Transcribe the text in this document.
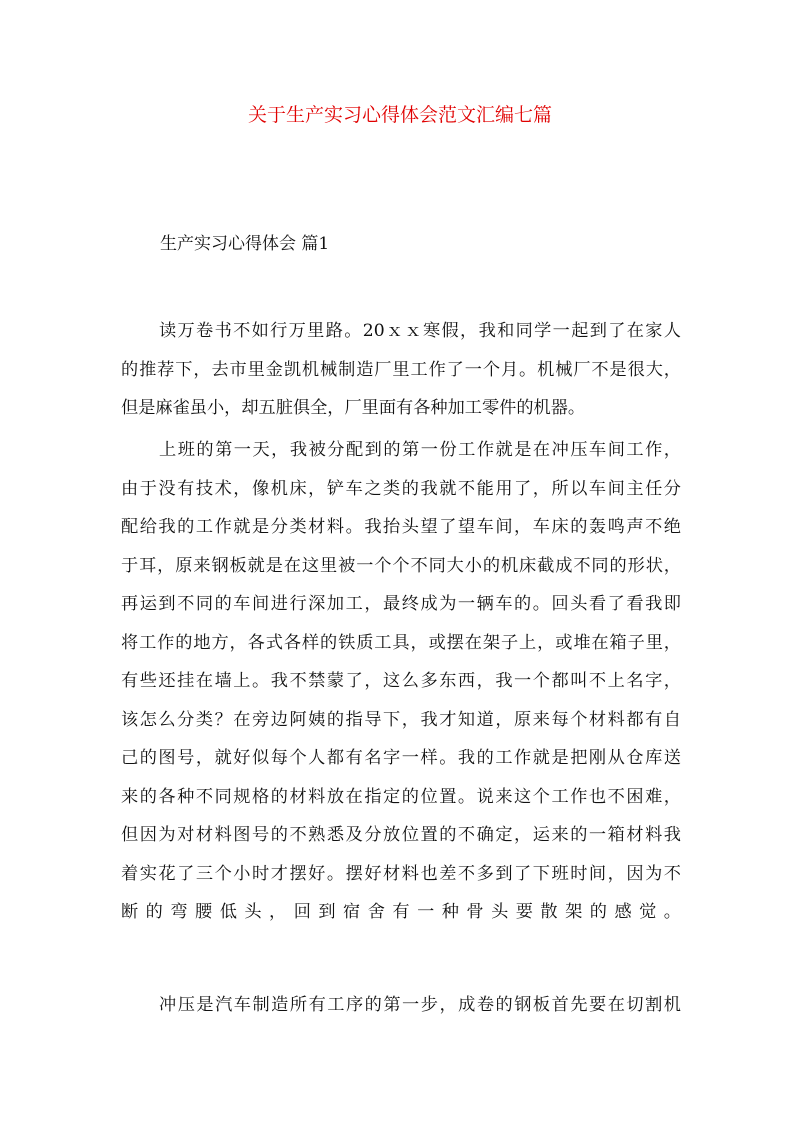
关于生产实习心得体会范文汇编七篇
生产实习心得体会 篇1
读万卷书不如行万里路。20ｘｘ寒假，我和同学一起到了在家人
的推荐下，去市里金凯机械制造厂里工作了一个月。机械厂不是很大，
但是麻雀虽小，却五脏俱全，厂里面有各种加工零件的机器。
上班的第一天，我被分配到的第一份工作就是在冲压车间工作，
由于没有技术，像机床，铲车之类的我就不能用了，所以车间主任分
配给我的工作就是分类材料。我抬头望了望车间，车床的轰鸣声不绝
于耳，原来钢板就是在这里被一个个不同大小的机床截成不同的形状，
再运到不同的车间进行深加工，最终成为一辆车的。回头看了看我即
将工作的地方，各式各样的铁质工具，或摆在架子上，或堆在箱子里，
有些还挂在墙上。我不禁蒙了，这么多东西，我一个都叫不上名字，
该怎么分类？在旁边阿姨的指导下，我才知道，原来每个材料都有自
己的图号，就好似每个人都有名字一样。我的工作就是把刚从仓库送
来的各种不同规格的材料放在指定的位置。说来这个工作也不困难，
但因为对材料图号的不熟悉及分放位置的不确定，运来的一箱材料我
着实花了三个小时才摆好。摆好材料也差不多到了下班时间，因为不
断的弯腰低头，回到宿舍有一种骨头要散架的感觉。
冲压是汽车制造所有工序的第一步，成卷的钢板首先要在切割机
